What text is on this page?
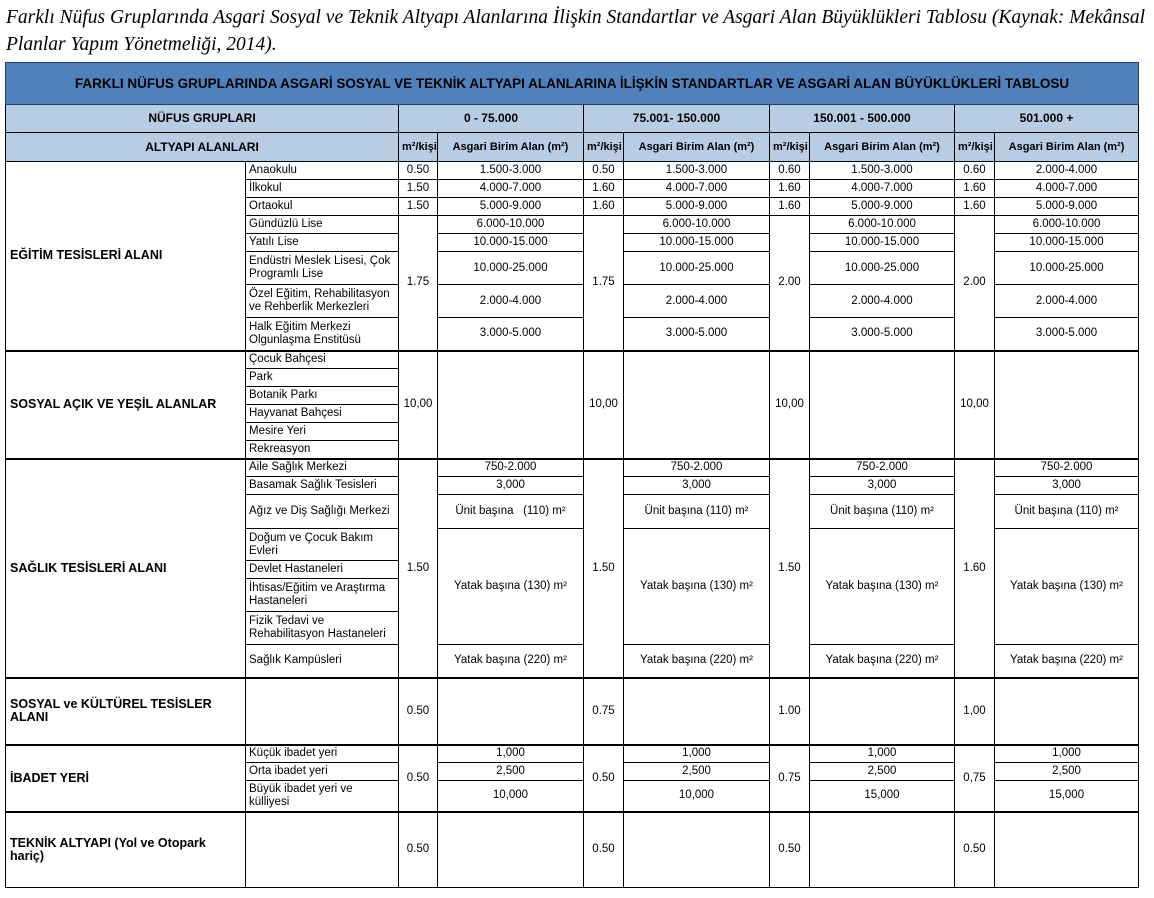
Farklı Nüfus Gruplarında Asgari Sosyal ve Teknik Altyapı Alanlarına İlişkin Standartlar ve Asgari Alan Büyüklükleri Tablosu (Kaynak: Mekânsal Planlar Yapım Yönetmeliği, 2014).
FARKLI NÜFUS GRUPLARINDA ASGARİ SOSYAL VE TEKNİK ALTYAPI ALANLARINA İLİŞKİN STANDARTLAR VE ASGARİ ALAN BÜYÜKLÜKLERİ TABLOSU									
NÜFUS GRUPLARI		0 - 75.000		75.001- 150.000		150.001 - 500.000		501.000 +	
ALTYAPI ALANLARI		m²/kişi	Asgari Birim Alan (m²)	m²/kişi	Asgari Birim Alan (m²)	m²/kişi	Asgari Birim Alan (m²)	m²/kişi	Asgari Birim Alan (m²)
EĞİTİM TESİSLERİ ALANI	Anaokulu	0.50	1.500-3.000	0.50	1.500-3.000	0.60	1.500-3.000	0.60	2.000-4.000
	İlkokul	1.50	4.000-7.000	1.60	4.000-7.000	1.60	4.000-7.000	1.60	4.000-7.000
	Ortaokul	1.50	5.000-9.000	1.60	5.000-9.000	1.60	5.000-9.000	1.60	5.000-9.000
	Gündüzlü Lise	1.75	6.000-10.000	1.75	6.000-10.000	2.00	6.000-10.000	2.00	6.000-10.000
	Yatılı Lise		10.000-15.000		10.000-15.000		10.000-15.000		10.000-15.000
	Endüstri Meslek Lisesi, Çok Programlı Lise		10.000-25.000		10.000-25.000		10.000-25.000		10.000-25.000
	Özel Eğitim, Rehabilitasyon ve Rehberlik Merkezleri		2.000-4.000		2.000-4.000		2.000-4.000		2.000-4.000
	Halk Eğitim Merkezi Olgunlaşma Enstitüsü		3.000-5.000		3.000-5.000		3.000-5.000		3.000-5.000
SOSYAL AÇIK VE YEŞİL ALANLAR	Çocuk Bahçesi	10,00		10,00		10,00		10,00	
	Park								
	Botanik Parkı								
	Hayvanat Bahçesi								
	Mesire Yeri								
	Rekreasyon								
SAĞLIK TESİSLERİ ALANI	Aile Sağlık Merkezi	1.50	750-2.000	1.50	750-2.000	1.50	750-2.000	1.60	750-2.000
	Basamak Sağlık Tesisleri		3,000		3,000		3,000		3,000
	Ağız ve Diş Sağlığı Merkezi		Ünit başına   (110) m²		Ünit başına (110) m²		Ünit başına (110) m²		Ünit başına (110) m²
	Doğum ve Çocuk Bakım Evleri		Yatak başına (130) m²		Yatak başına (130) m²		Yatak başına (130) m²		Yatak başına (130) m²
	Devlet Hastaneleri								
	İhtisas/Eğitim ve Araştırma Hastaneleri								
	Fizik Tedavi ve Rehabilitasyon Hastaneleri								
	Sağlık Kampüsleri		Yatak başına (220) m²		Yatak başına (220) m²		Yatak başına (220) m²		Yatak başına (220) m²
SOSYAL ve KÜLTÜREL TESİSLER ALANI		0.50		0.75		1.00		1,00	
İBADET YERİ	Küçük ibadet yeri	0.50	1,000	0.50	1,000	0.75	1,000	0,75	1,000
	Orta ibadet yeri		2,500		2,500		2,500		2,500
	Büyük ibadet yeri ve külliyesi		10,000		10,000		15,000		15,000
TEKNİK ALTYAPI (Yol ve Otopark hariç)		0.50		0.50		0.50		0.50	
